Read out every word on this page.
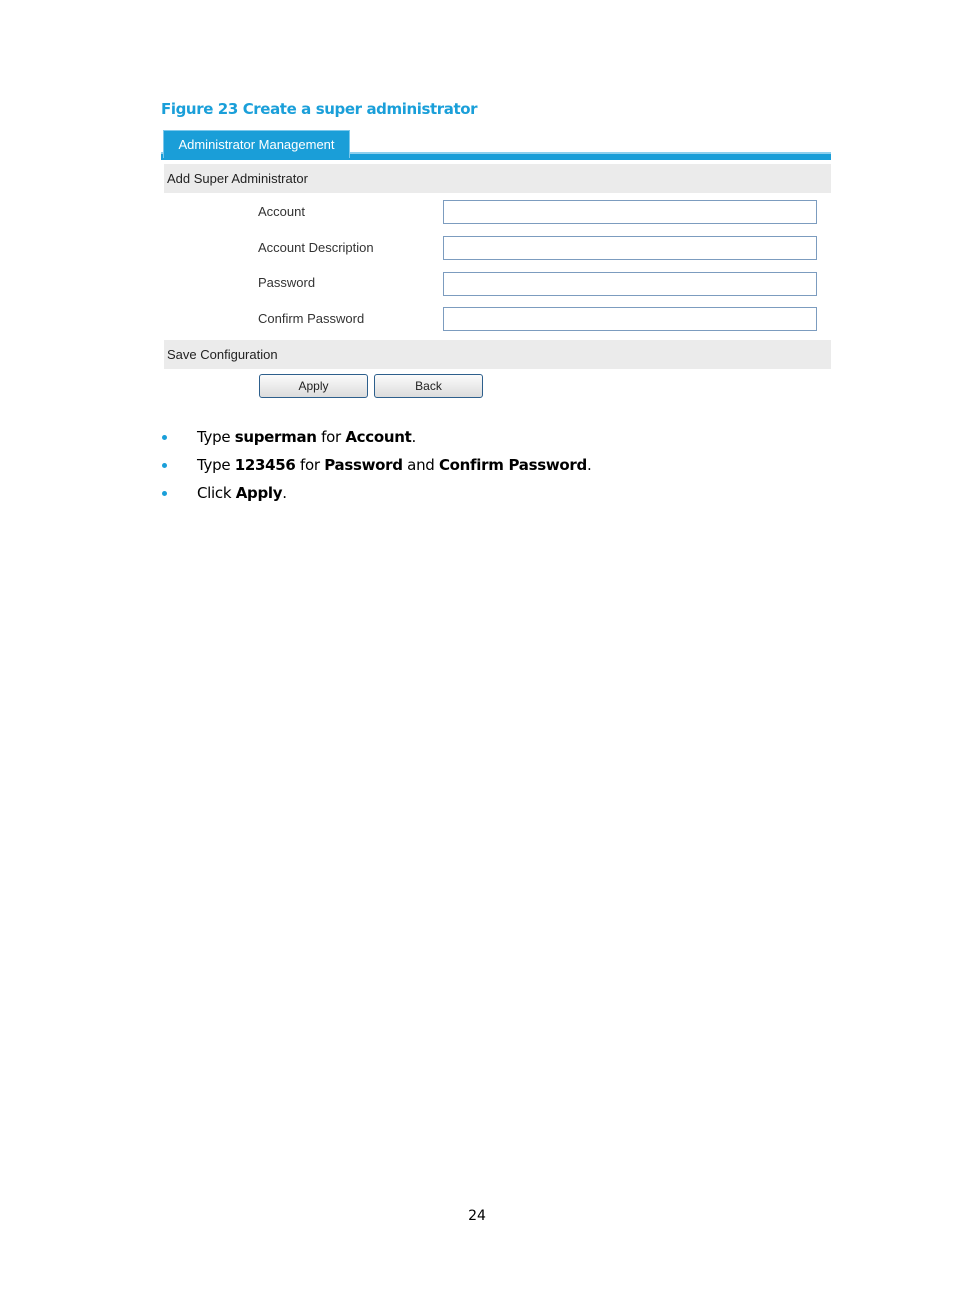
Figure 23 Create a super administrator
Administrator Management
Add Super Administrator
Account
Account Description
Password
Confirm Password
Save Configuration
Apply	Back
Type superman for Account.
Type 123456 for Password and Confirm Password.
Click Apply.
24
